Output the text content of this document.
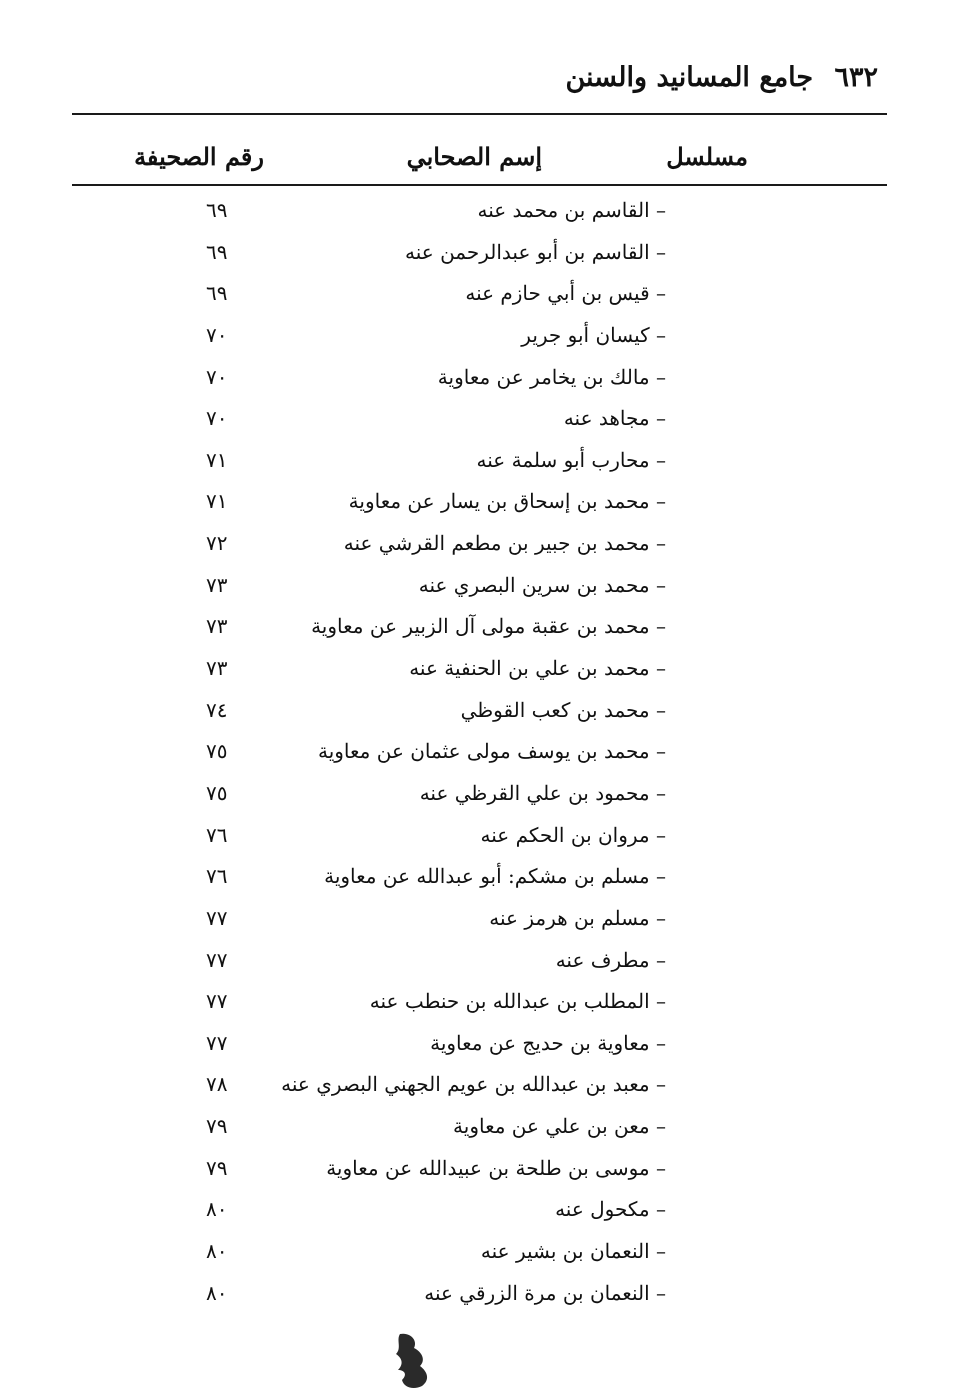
٦٣٢ جامع المسانيد والسنن
مسلسل
إسم الصحابي
رقم الصحيفة
– القاسم بن محمد عنه
٦٩
– القاسم بن أبو عبدالرحمن عنه
٦٩
– قيس بن أبي حازم عنه
٦٩
– كيسان أبو جرير
٧٠
– مالك بن يخامر عن معاوية
٧٠
– مجاهد عنه
٧٠
– محارب أبو سلمة عنه
٧١
– محمد بن إسحاق بن يسار عن معاوية
٧١
– محمد بن جبير بن مطعم القرشي عنه
٧٢
– محمد بن سرين البصري عنه
٧٣
– محمد بن عقبة مولى آل الزبير عن معاوية
٧٣
– محمد بن علي بن الحنفية عنه
٧٣
– محمد بن كعب القوظي
٧٤
– محمد بن يوسف مولى عثمان عن معاوية
٧٥
– محمود بن علي القرظي عنه
٧٥
– مروان بن الحكم عنه
٧٦
– مسلم بن مشكم: أبو عبدالله عن معاوية
٧٦
– مسلم بن هرمز عنه
٧٧
– مطرف عنه
٧٧
– المطلب بن عبدالله بن حنطب عنه
٧٧
– معاوية بن حديج عن معاوية
٧٧
– معبد بن عبدالله بن عويم الجهني البصري عنه
٧٨
– معن بن علي عن معاوية
٧٩
– موسى بن طلحة بن عبيدالله عن معاوية
٧٩
– مكحول عنه
٨٠
– النعمان بن بشير عنه
٨٠
– النعمان بن مرة الزرقي عنه
٨٠
